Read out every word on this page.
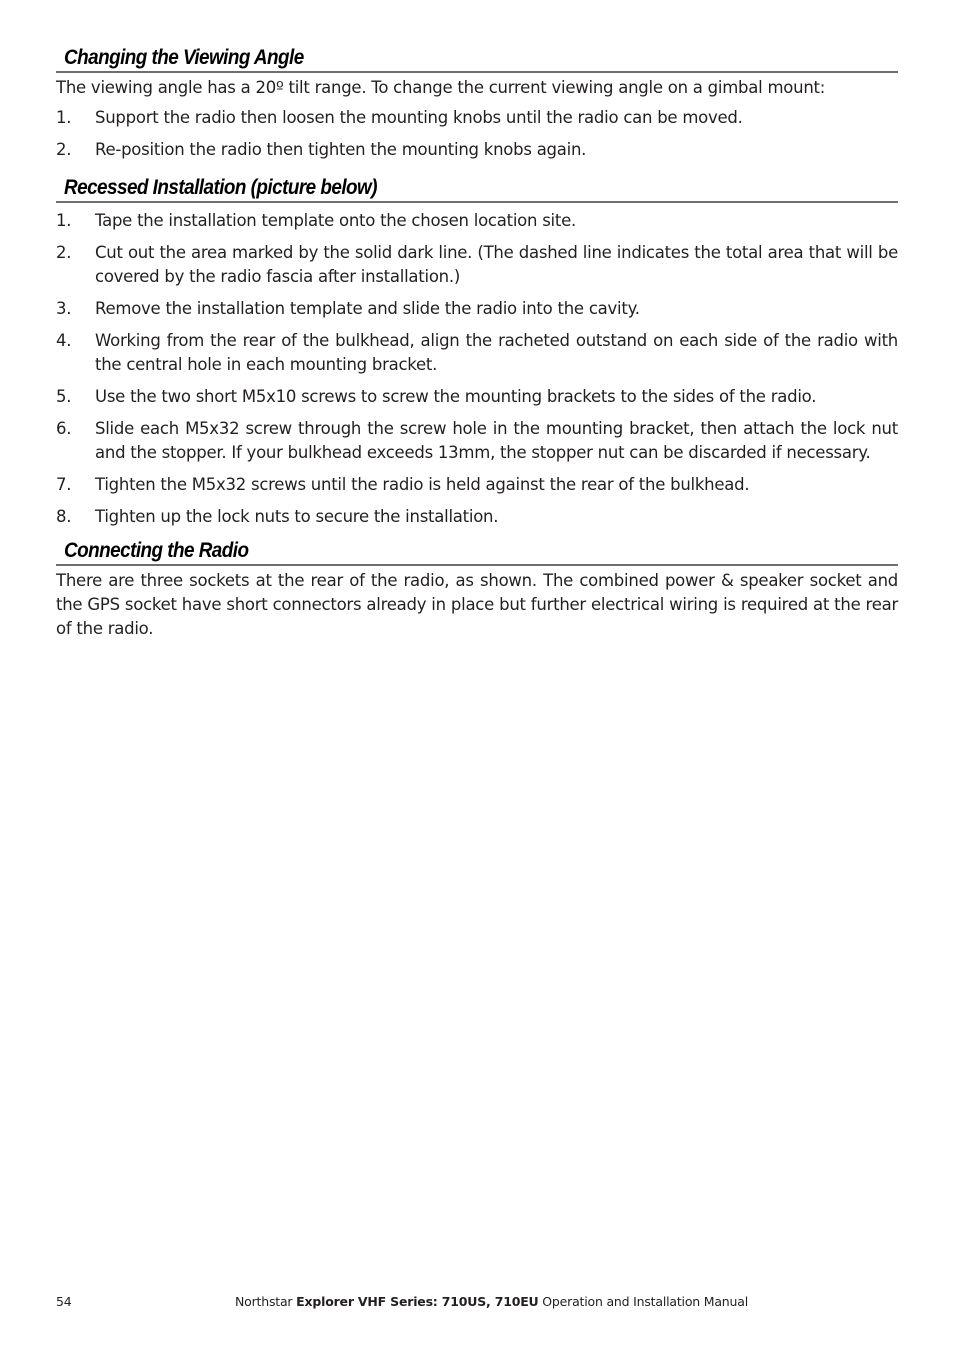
Changing the Viewing Angle

The viewing angle has a 20º tilt range. To change the current viewing angle on a gimbal mount:

1.	Support the radio then loosen the mounting knobs until the radio can be moved.
2.	Re-position the radio then tighten the mounting knobs again.
Recessed Installation (picture below)
1.	Tape the installation template onto the chosen location site.
2.	Cut out the area marked by the solid dark line. (The dashed line indicates the total area that will be covered by the radio fascia after installation.)
3.	Remove the installation template and slide the radio into the cavity.
4.	Working from the rear of the bulkhead, align the racheted outstand on each side of the radio with the central hole in each mounting bracket.
5.	Use the two short M5x10 screws to screw the mounting brackets to the sides of the radio.
6.	Slide each M5x32 screw through the screw hole in the mounting bracket, then attach the lock nut and the stopper. If your bulkhead exceeds 13mm, the stopper nut can be discarded if necessary.
7.	Tighten the M5x32 screws until the radio is held against the rear of the bulkhead.
8.	Tighten up the lock nuts to secure the installation.
Connecting the Radio

There are three sockets at the rear of the radio, as shown. The combined power & speaker socket and the GPS socket have short connectors already in place but further electrical wiring is required at the rear of the radio.

54	Northstar Explorer VHF Series: 710US, 710EU Operation and Installation Manual
